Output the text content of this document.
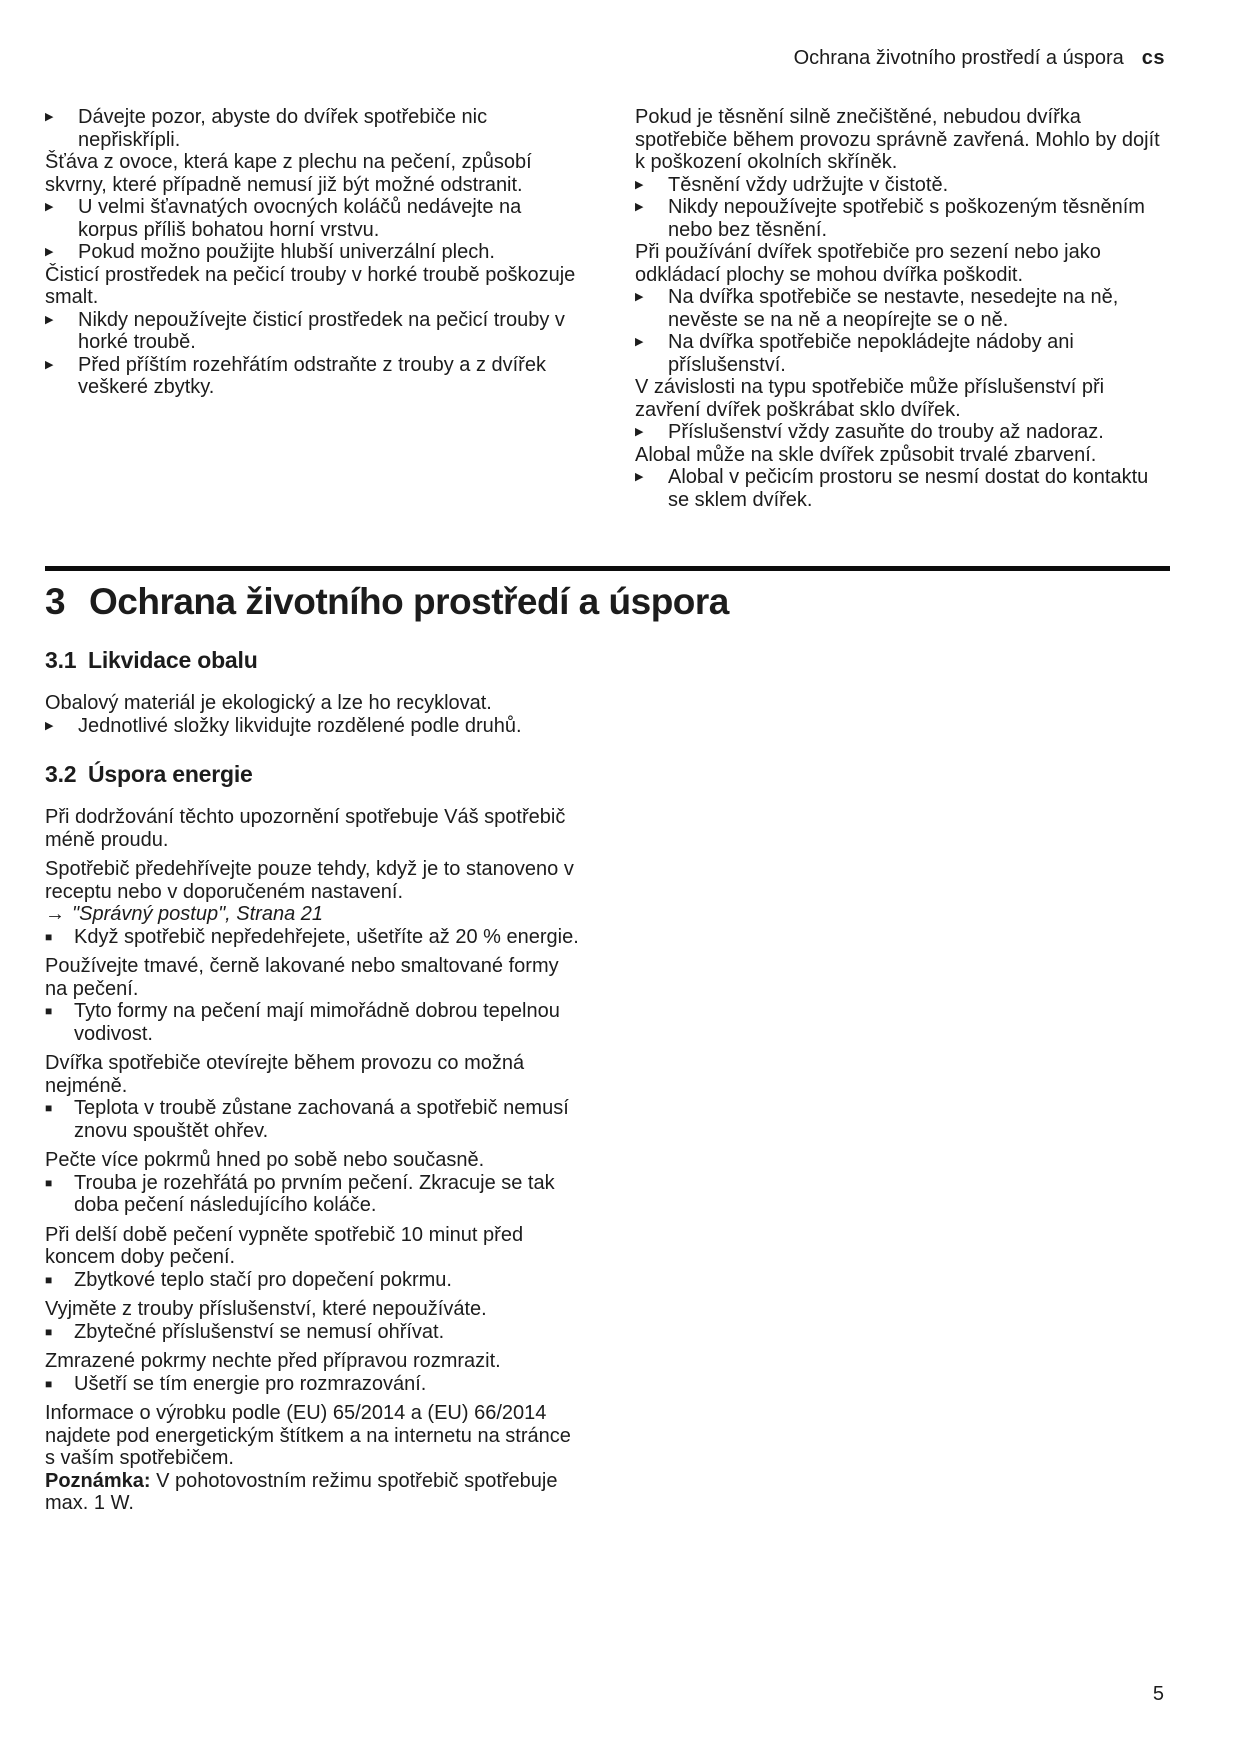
Ochrana životního prostředí a úspora cs
▶	Dávejte pozor, abyste do dvířek spotřebiče nic nepřiskřípli.
Šťáva z ovoce, která kape z plechu na pečení, způsobí skvrny, které případně nemusí již být možné odstranit.
▶	U velmi šťavnatých ovocných koláčů nedávejte na korpus příliš bohatou horní vrstvu.
▶	Pokud možno použijte hlubší univerzální plech.
Čisticí prostředek na pečicí trouby v horké troubě poškozuje smalt.
▶	Nikdy nepoužívejte čisticí prostředek na pečicí trouby v horké troubě.
▶	Před příštím rozehřátím odstraňte z trouby a z dvířek veškeré zbytky.
Pokud je těsnění silně znečištěné, nebudou dvířka spotřebiče během provozu správně zavřená. Mohlo by dojít k poškození okolních skříněk.
▶	Těsnění vždy udržujte v čistotě.
▶	Nikdy nepoužívejte spotřebič s poškozeným těsněním nebo bez těsnění.
Při používání dvířek spotřebiče pro sezení nebo jako odkládací plochy se mohou dvířka poškodit.
▶	Na dvířka spotřebiče se nestavte, nesedejte na ně, nevěste se na ně a neopírejte se o ně.
▶	Na dvířka spotřebiče nepokládejte nádoby ani příslušenství.
V závislosti na typu spotřebiče může příslušenství při zavření dvířek poškrábat sklo dvířek.
▶	Příslušenství vždy zasuňte do trouby až nadoraz.
Alobal může na skle dvířek způsobit trvalé zbarvení.
▶	Alobal v pečicím prostoru se nesmí dostat do kontaktu se sklem dvířek.
3 Ochrana životního prostředí a úspora
3.1 Likvidace obalu
Obalový materiál je ekologický a lze ho recyklovat.
▶	Jednotlivé složky likvidujte rozdělené podle druhů.
3.2 Úspora energie
Při dodržování těchto upozornění spotřebuje Váš spotřebič méně proudu.
Spotřebič předehřívejte pouze tehdy, když je to stanoveno v receptu nebo v doporučeném nastavení.
→ "Správný postup", Strana 21
■	Když spotřebič nepředehřejete, ušetříte až 20 % energie.
Používejte tmavé, černě lakované nebo smaltované formy na pečení.
■	Tyto formy na pečení mají mimořádně dobrou tepelnou vodivost.
Dvířka spotřebiče otevírejte během provozu co možná nejméně.
■	Teplota v troubě zůstane zachovaná a spotřebič nemusí znovu spouštět ohřev.
Pečte více pokrmů hned po sobě nebo současně.
■	Trouba je rozehřátá po prvním pečení. Zkracuje se tak doba pečení následujícího koláče.
Při delší době pečení vypněte spotřebič 10 minut před koncem doby pečení.
■	Zbytkové teplo stačí pro dopečení pokrmu.
Vyjměte z trouby příslušenství, které nepoužíváte.
■	Zbytečné příslušenství se nemusí ohřívat.
Zmrazené pokrmy nechte před přípravou rozmrazit.
■	Ušetří se tím energie pro rozmrazování.
Informace o výrobku podle (EU) 65/2014 a (EU) 66/2014 najdete pod energetickým štítkem a na internetu na stránce s vaším spotřebičem.
Poznámka: V pohotovostním režimu spotřebič spotřebuje max. 1 W.
5
